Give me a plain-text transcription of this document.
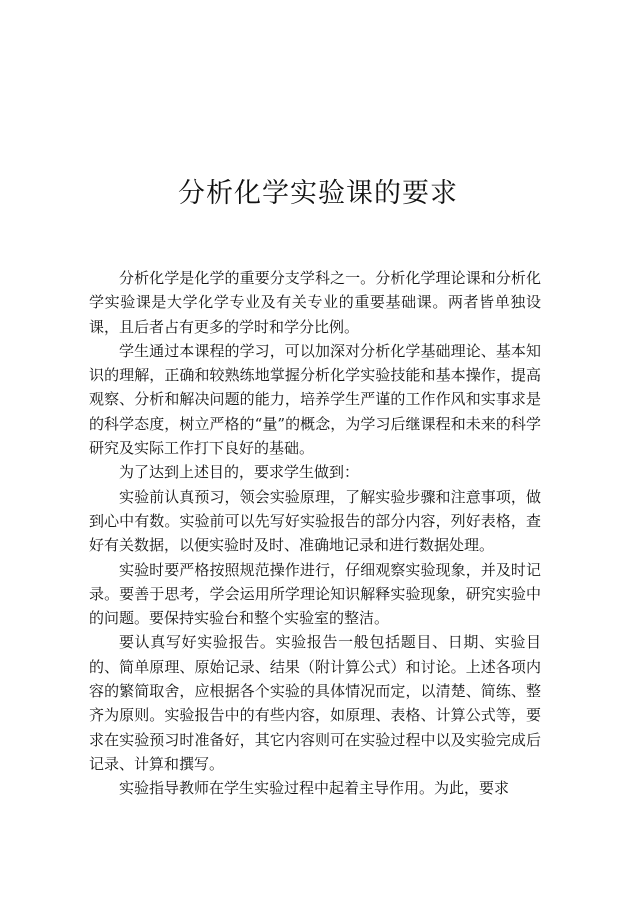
分析化学实验课的要求

分析化学是化学的重要分支学科之一。分析化学理论课和分析化学实验课是大学化学专业及有关专业的重要基础课。两者皆单独设课，且后者占有更多的学时和学分比例。

学生通过本课程的学习，可以加深对分析化学基础理论、基本知识的理解，正确和较熟练地掌握分析化学实验技能和基本操作，提高观察、分析和解决问题的能力，培养学生严谨的工作作风和实事求是的科学态度，树立严格的“量”的概念，为学习后继课程和未来的科学研究及实际工作打下良好的基础。

为了达到上述目的，要求学生做到：

实验前认真预习，领会实验原理，了解实验步骤和注意事项，做到心中有数。实验前可以先写好实验报告的部分内容，列好表格，查好有关数据，以便实验时及时、准确地记录和进行数据处理。

实验时要严格按照规范操作进行，仔细观察实验现象，并及时记录。要善于思考，学会运用所学理论知识解释实验现象，研究实验中的问题。要保持实验台和整个实验室的整洁。

要认真写好实验报告。实验报告一般包括题目、日期、实验目的、简单原理、原始记录、结果（附计算公式）和讨论。上述各项内容的繁简取舍，应根据各个实验的具体情况而定，以清楚、简练、整齐为原则。实验报告中的有些内容，如原理、表格、计算公式等，要求在实验预习时准备好，其它内容则可在实验过程中以及实验完成后记录、计算和撰写。

实验指导教师在学生实验过程中起着主导作用。为此，要求
